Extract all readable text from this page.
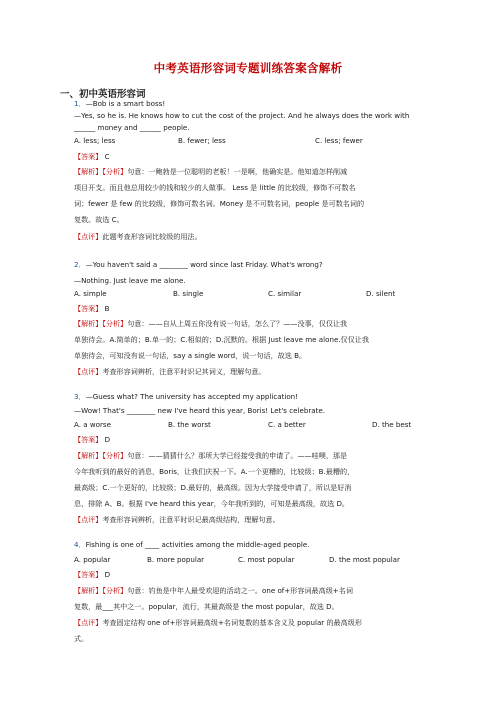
中考英语形容词专题训练答案含解析
一、初中英语形容词
1．—Bob is a smart boss!
—Yes, so he is. He knows how to cut the cost of the project. And he always does the work with
______ money and ______ people.
A. less; less	B. fewer; less	C. less; fewer
【答案】 C
【解析】【分析】句意：一鲍勃是一位聪明的老板！一是啊，他确实是。他知道怎样削减
项目开支。而且他总用较少的钱和较少的人做事。 Less 是 little 的比较级，修饰不可数名
词；fewer 是 few 的比较级，修饰可数名词。Money 是不可数名词，people 是可数名词的
复数。故选 C。
【点评】此题考查形容词比较级的用法。
2．—You haven't said a ________ word since last Friday. What's wrong?
—Nothing. Just leave me alone.
A. simple	B. single	C. similar	D. silent
【答案】 B
【解析】【分析】句意：——自从上周五你没有说一句话，怎么了？——没事，仅仅让我
单独待会。A.简单的；B.单一的；C.相似的；D.沉默的。根据 Just leave me alone.仅仅让我
单独待会，可知没有说一句话，say a single word，说一句话，故选 B。
【点评】考查形容词辨析，注意平时识记其词义，理解句意。
3．—Guess what? The university has accepted my application!
—Wow! That's ________ new I've heard this year, Boris! Let's celebrate.
A. a worse	B. the worst	C. a better	D. the best
【答案】 D
【解析】【分析】句意：——猜猜什么？那所大学已经接受我的申请了。——哇噢，那是
今年我听到的最好的消息，Boris，让我们庆祝一下。A.一个更糟的，比较级；B.最糟的，
最高级；C.一个更好的，比较级；D.最好的，最高级。因为大学接受申请了，所以是好消
息，排除 A、B。根据 I've heard this year，今年我听到的，可知是最高级，故选 D。
【点评】考查形容词辨析，注意平时识记最高级结构，理解句意。
4．Fishing is one of ____ activities among the middle-aged people.
A. popular	B. more popular	C. most popular	D. the most popular
【答案】 D
【解析】【分析】句意：钓鱼是中年人最受欢迎的活动之一。one of+形容词最高级+名词
复数，最___其中之一。popular，流行，其最高级是 the most popular，故选 D。
【点评】考查固定结构 one of+形容词最高级+名词复数的基本含义及 popular 的最高级形
式。
